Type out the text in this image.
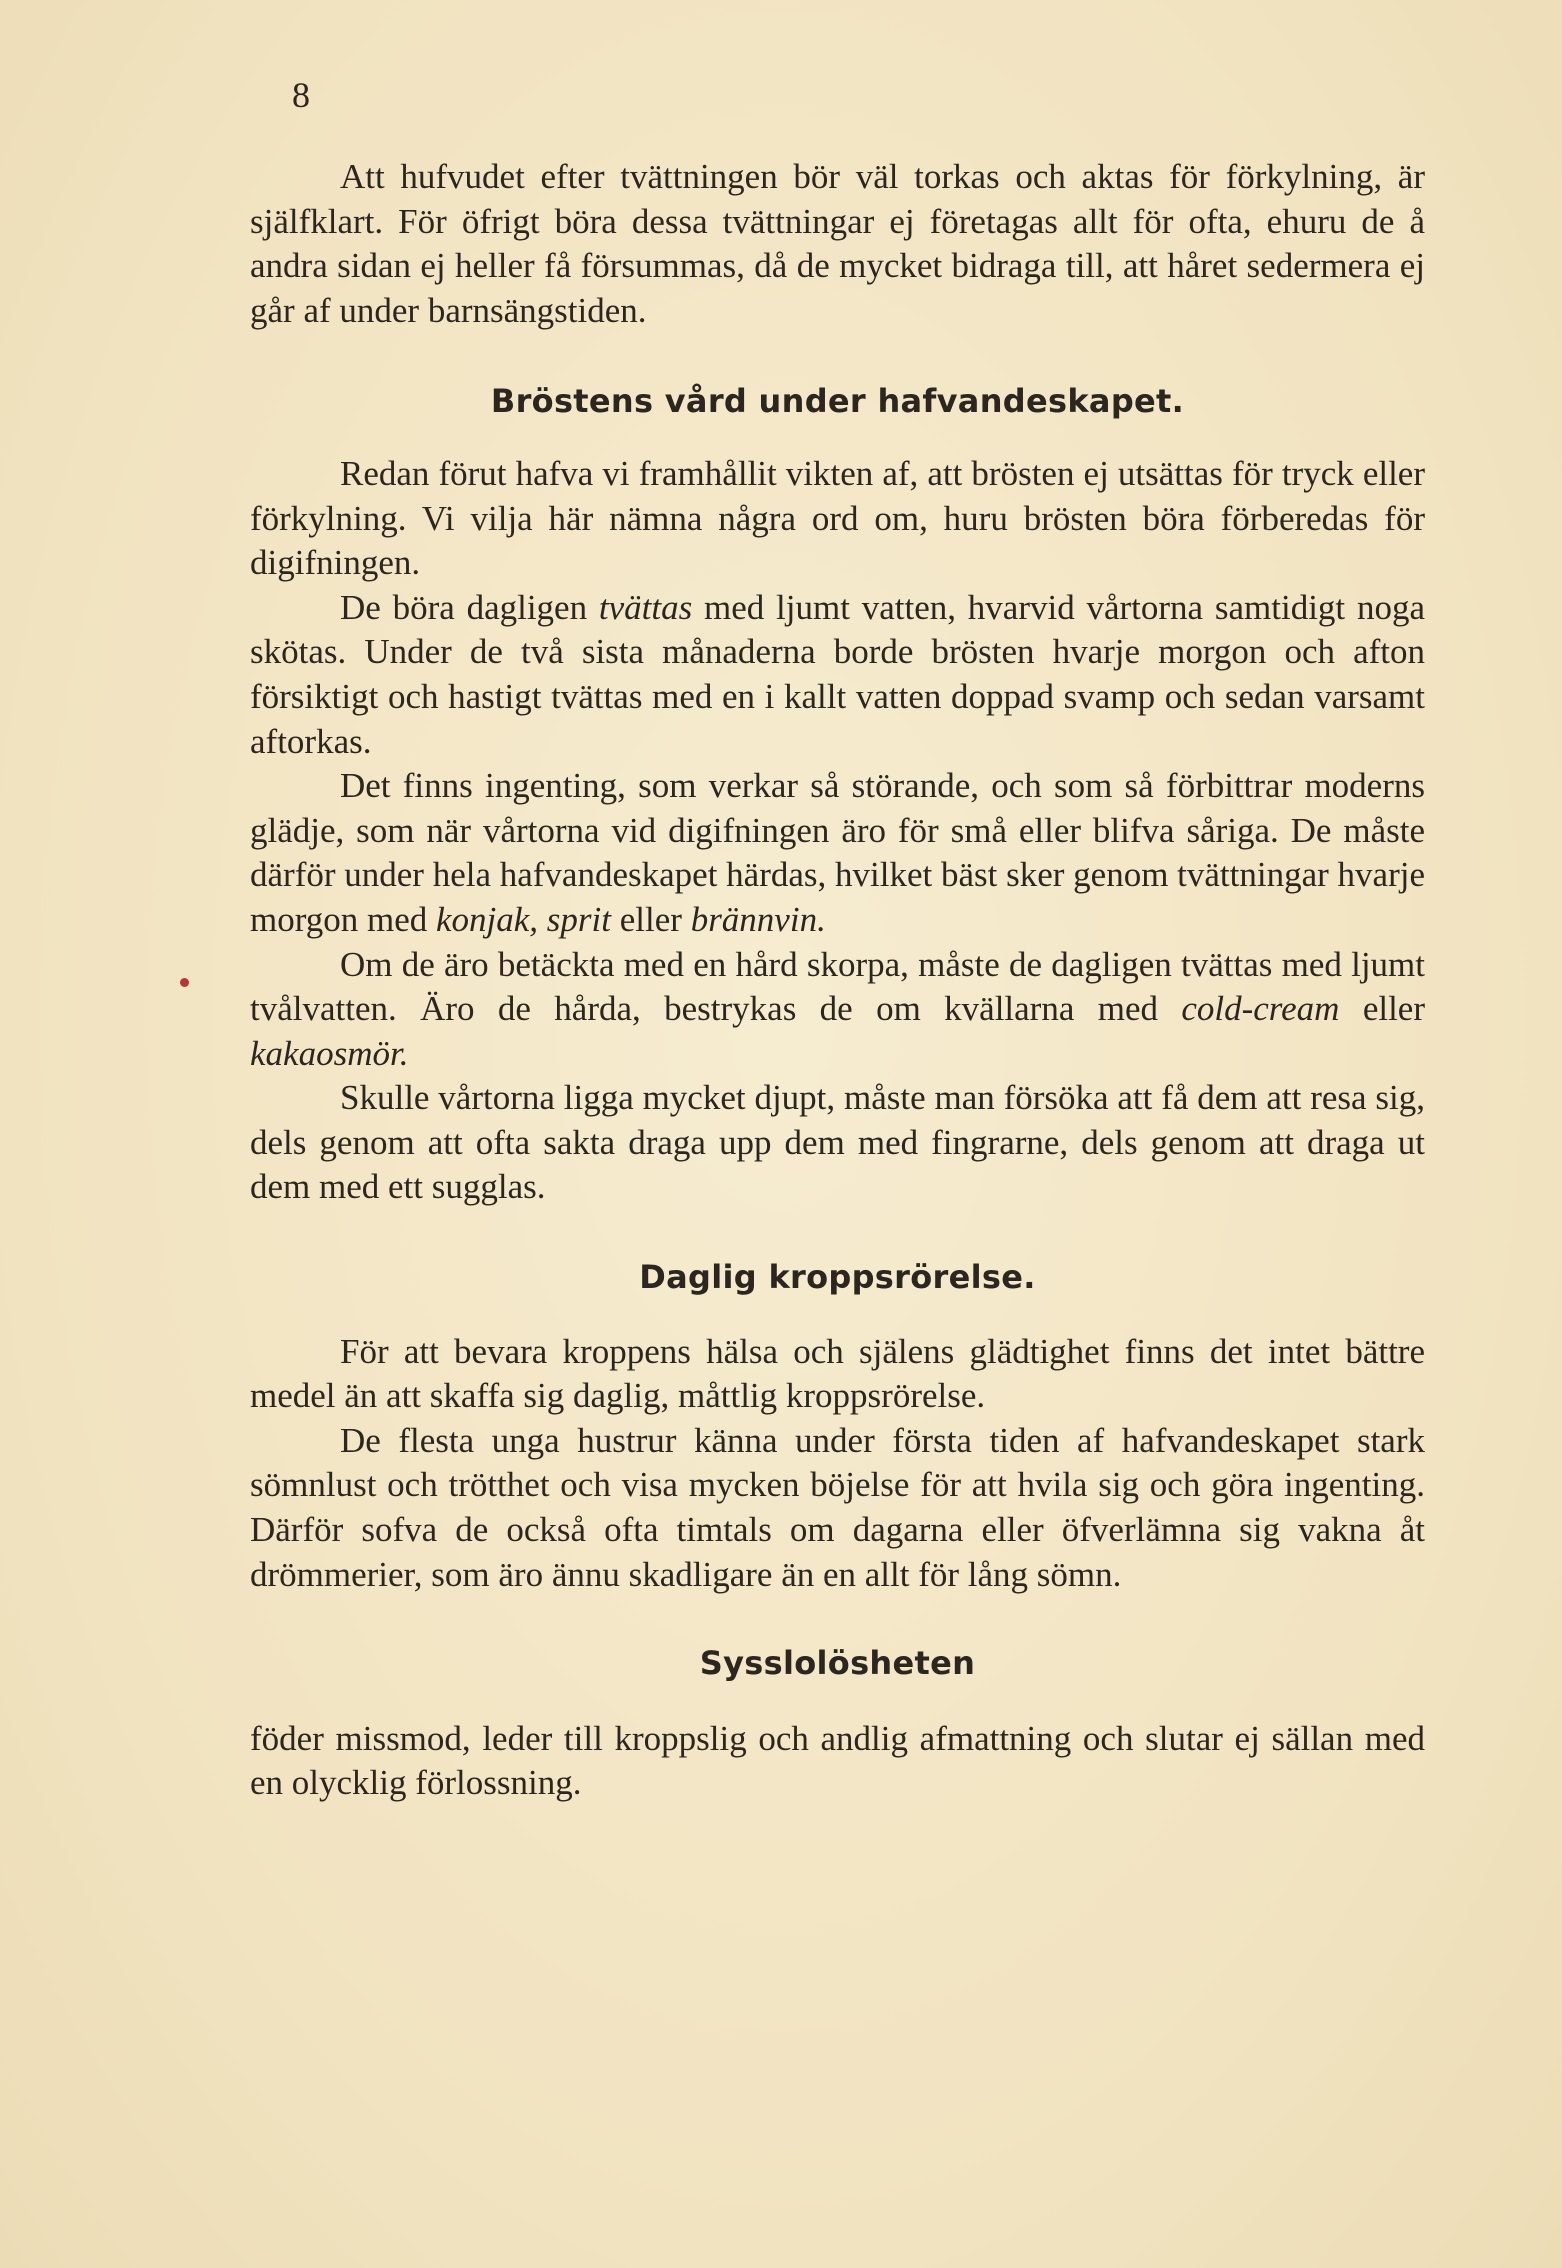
8

Att hufvudet efter tvättningen bör väl torkas och aktas för förkylning, är själfklart. För öfrigt böra dessa tvättningar ej företagas allt för ofta, ehuru de å andra sidan ej heller få försummas, då de mycket bidraga till, att håret sedermera ej går af under barnsängstiden.

Bröstens vård under hafvandeskapet.

Redan förut hafva vi framhållit vikten af, att brösten ej utsättas för tryck eller förkylning. Vi vilja här nämna några ord om, huru brösten böra förberedas för digifningen.

De böra dagligen tvättas med ljumt vatten, hvarvid vårtorna samtidigt noga skötas. Under de två sista månaderna borde brösten hvarje morgon och afton försiktigt och hastigt tvättas med en i kallt vatten doppad svamp och sedan varsamt aftorkas.

Det finns ingenting, som verkar så störande, och som så förbittrar moderns glädje, som när vårtorna vid digifningen äro för små eller blifva såriga. De måste därför under hela hafvandeskapet härdas, hvilket bäst sker genom tvättningar hvarje morgon med konjak, sprit eller brännvin.

Om de äro betäckta med en hård skorpa, måste de dagligen tvättas med ljumt tvålvatten. Äro de hårda, bestrykas de om kvällarna med cold-cream eller kakaosmör.

Skulle vårtorna ligga mycket djupt, måste man försöka att få dem att resa sig, dels genom att ofta sakta draga upp dem med fingrarne, dels genom att draga ut dem med ett sugglas.

Daglig kroppsrörelse.

För att bevara kroppens hälsa och själens glädtighet finns det intet bättre medel än att skaffa sig daglig, måttlig kroppsrörelse.

De flesta unga hustrur känna under första tiden af hafvandeskapet stark sömnlust och trötthet och visa mycken böjelse för att hvila sig och göra ingenting. Därför sofva de också ofta timtals om dagarna eller öfverlämna sig vakna åt drömmerier, som äro ännu skadligare än en allt för lång sömn.

Sysslolösheten

föder missmod, leder till kroppslig och andlig afmattning och slutar ej sällan med en olycklig förlossning.
